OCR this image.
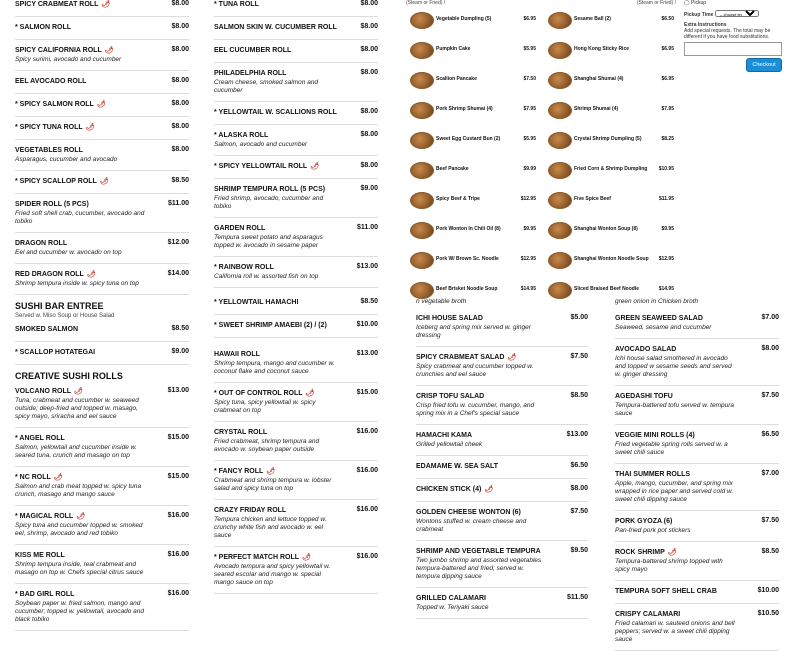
SPICY CRABMEAT ROLL 🌶	$8.00
* SALMON ROLL	$8.00
SPICY CALIFORNIA ROLL 🌶	$8.00
Spicy surimi, avocado and cucumber
EEL AVOCADO ROLL	$8.00
* SPICY SALMON ROLL 🌶	$8.00
* SPICY TUNA ROLL 🌶	$8.00
VEGETABLES ROLL	$8.00
Asparagus, cucumber and avocado
* SPICY SCALLOP ROLL 🌶	$8.50
SPIDER ROLL (5 PCS)	$11.00
Fried soft shell crab, cucumber, avocado and tobiko
DRAGON ROLL	$12.00
Eel and cucumber w. avocado on top
RED DRAGON ROLL 🌶	$14.00
Shrimp tempura inside w. spicy tuna on top
SUSHI BAR ENTREE
Served w. Miso Soup or House Salad
SMOKED SALMON	$8.50
* SCALLOP HOTATEGAI	$9.00
CREATIVE SUSHI ROLLS
VOLCANO ROLL 🌶	$13.00
Tuna, crabmeat and cucumber w. seaweed outside; deep-fried and topped w. masago, spicy mayo, sriracha and eel sauce
* ANGEL ROLL	$15.00
Salmon, yellowtail and cucumber inside w. seared tuna, crunch and masago on top
* NC ROLL 🌶	$15.00
Salmon and crab meat topped w. spicy tuna crunch, masago and mango sauce
* MAGICAL ROLL 🌶	$16.00
Spicy tuna and cucumber topped w. smoked eel, shrimp, avocado and red tobiko
KISS ME ROLL	$16.00
Shrimp tempura inside, real crabmeat and masago on top w. Chefs special citrus sauce
* BAD GIRL ROLL	$16.00
Soybean paper w. fried salmon, mango and cucumber; topped w. yellowtail, avocado and black tobiko
* TUNA ROLL	$8.00
SALMON SKIN W. CUCUMBER ROLL	$8.00
EEL CUCUMBER ROLL	$8.00
PHILADELPHIA ROLL	$8.00
Cream cheese, smoked salmon and cucumber
* YELLOWTAIL W. SCALLIONS ROLL	$8.00
* ALASKA ROLL	$8.00
Salmon, avocado and cucumber
* SPICY YELLOWTAIL ROLL 🌶	$8.00
SHRIMP TEMPURA ROLL (5 PCS)	$9.00
Fried shrimp, avocado, cucumber and tobiko
GARDEN ROLL	$11.00
Tempura sweet potato and asparagus topped w. avocado in sesame paper
* RAINBOW ROLL	$13.00
California roll w. assorted fish on top
* YELLOWTAIL HAMACHI	$8.50
* SWEET SHRIMP AMAEBI (2) / (2)	$10.00
HAWAII ROLL	$13.00
Shrimp tempura, mango and cucumber w. coconut flake and coconut sauce
* OUT OF CONTROL ROLL 🌶	$15.00
Spicy tuna, spicy yellowtail w. spicy crabmeat on top
CRYSTAL ROLL	$16.00
Fried crabmeat, shrimp tempura and avocado w. soybean paper outside
* FANCY ROLL 🌶	$16.00
Crabmeat and shrimp tempura w. lobster salad and spicy tuna on top
CRAZY FRIDAY ROLL	$16.00
Tempura chicken and lettuce topped w. crunchy white fish and avocado w. eel sauce
* PERFECT MATCH ROLL 🌶	$16.00
Avocado tempura and spicy yellowtail w. seared escolar and mango w. special mango sauce on top
(Steam or Fried) /	(Steam or Fried) /
Vegetable Dumpling (5)	$6.95	Sesame Ball (2)	$6.50
Pumpkin Cake	$5.95	Hong Kong Sticky Rice	$6.95
Scallion Pancake	$7.50	Shanghai Shumai (4)	$6.95
Pork Shrimp Shumai (4)	$7.95	Shrimp Shumai (4)	$7.95
Sweet Egg Custard Bun (2)	$5.95	Crystal Shrimp Dumpling (5)	$8.25
Beef Pancake	$9.99	Fried Corn & Shrimp Dumpling $10.95
Spicy Beef & Tripe	$12.95	Five Spice Beef	$11.95
Pork Wonton In Chili Oil (8)	$9.95	Shanghai Wonton Soup (8)	$9.95
Pork W/ Brown Sc. Noodle	$12.95	Shanghai Wonton Noodle Soup $12.95
Beef Brisket Noodle Soup	$14.95	Sliced Braised Beef Noodle	$14.95
◯ Pickup
Pickup Time
-- choose time --
Extra Instructions
Add special requests. The total may be different if you have food substitutions.
Checkout
n vegetable broth
ICHI HOUSE SALAD	$5.00
Iceberg and spring mix served w. ginger dressing
SPICY CRABMEAT SALAD 🌶	$7.50
Spicy crabmeat and cucumber topped w. crunchies and eel sauce
CRISP TOFU SALAD	$8.50
Crisp fried tofu w. cucumber, mango, and spring mix in a Chef's special sauce
HAMACHI KAMA	$13.00
Grilled yellowtail cheek
EDAMAME W. SEA SALT	$6.50
CHICKEN STICK (4) 🌶	$8.00
GOLDEN CHEESE WONTON (6)	$7.50
Wontons stuffed w. cream cheese and crabmeat
SHRIMP AND VEGETABLE TEMPURA	$9.50
Two jumbo shrimp and assorted vegetables tempura-battered and fried; served w. tempura dipping sauce
GRILLED CALAMARI	$11.50
Topped w. Teriyaki sauce
green onion in Chicken broth
GREEN SEAWEED SALAD	$7.00
Seaweed, sesame and cucumber
AVOCADO SALAD	$8.00
Ichi house salad smothered in avocado and topped w sesame seeds and served w. ginger dressing
AGEDASHI TOFU	$7.50
Tempura-battered tofu served w. tempura sauce
VEGGIE MINI ROLLS (4)	$6.50
Fried vegetable spring rolls served w. a sweet chili sauce
THAI SUMMER ROLLS	$7.00
Apple, mango, cucumber, and spring mix wrapped in rice paper and served cold w. sweet chili dipping sauce
PORK GYOZA (6)	$7.50
Pan-fried pork pot stickers
ROCK SHRIMP 🌶	$8.50
Tempura-battered shrimp topped with spicy mayo
TEMPURA SOFT SHELL CRAB	$10.00
CRISPY CALAMARI	$10.50
Fried calamari w. sauteed onions and bell peppers; served w. a sweet chili dipping sauce
